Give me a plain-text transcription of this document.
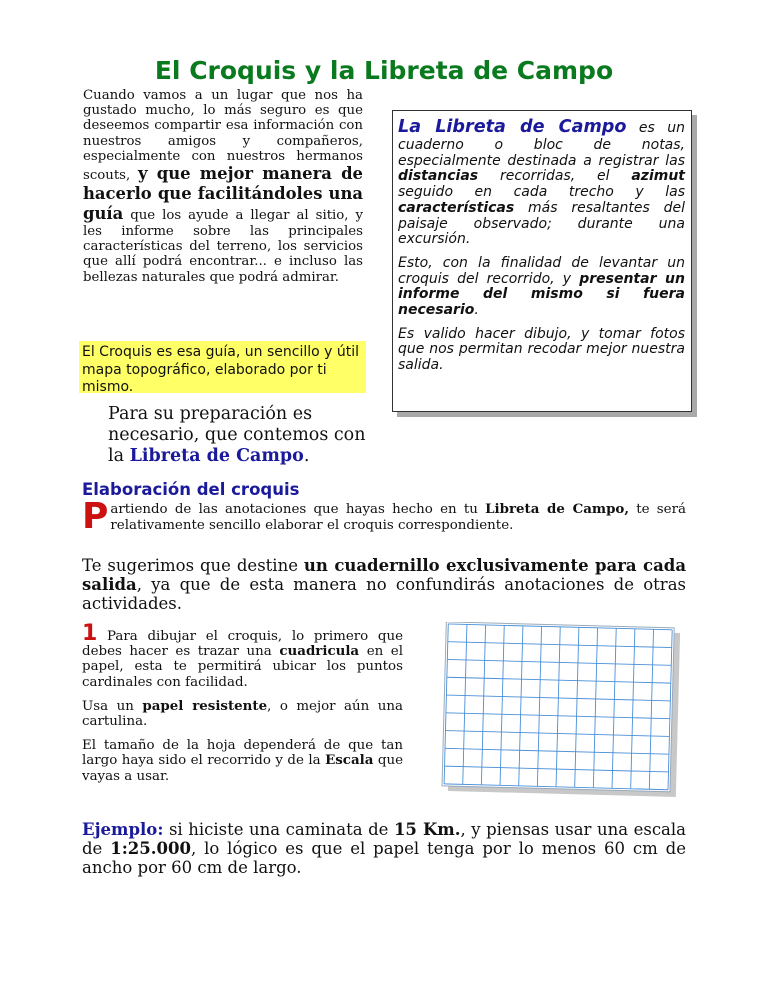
El Croquis y la Libreta de Campo
Cuando vamos a un lugar que nos ha gustado mucho, lo más seguro es que deseemos compartir esa información con nuestros amigos y compañeros, especialmente con nuestros hermanos scouts, y que mejor manera de hacerlo que facilitándoles una guía que los ayude a llegar al sitio, y les informe sobre las principales características del terreno, los servicios que allí podrá encontrar... e incluso las bellezas naturales que podrá admirar.
El Croquis es esa guía, un sencillo y útil mapa topográfico, elaborado por ti mismo.
Para su preparación es necesario, que contemos con la Libreta de Campo.

La Libreta de Campo es un cuaderno o bloc de notas, especialmente destinada a registrar las distancias recorridas, el azimut seguido en cada trecho y las características más resaltantes del paisaje observado; durante una excursión.

Esto, con la finalidad de levantar un croquis del recorrido, y presentar un informe del mismo si fuera necesario.

Es valido hacer dibujo, y tomar fotos que nos permitan recodar mejor nuestra salida.

Elaboración del croquis
Partiendo de las anotaciones que hayas hecho en tu Libreta de Campo, te será relativamente sencillo elaborar el croquis correspondiente.
Te sugerimos que destine un cuadernillo exclusivamente para cada salida, ya que de esta manera no confundirás anotaciones de otras actividades.

1 Para dibujar el croquis, lo primero que debes hacer es trazar una cuadricula en el papel, esta te permitirá ubicar los puntos cardinales con facilidad.

Usa un papel resistente, o mejor aún una cartulina.

El tamaño de la hoja dependerá de que tan largo haya sido el recorrido y de la Escala que vayas a usar.

Ejemplo: si hiciste una caminata de 15 Km., y piensas usar una escala de 1:25.000, lo lógico es que el papel tenga por lo menos 60 cm de ancho por 60 cm de largo.
